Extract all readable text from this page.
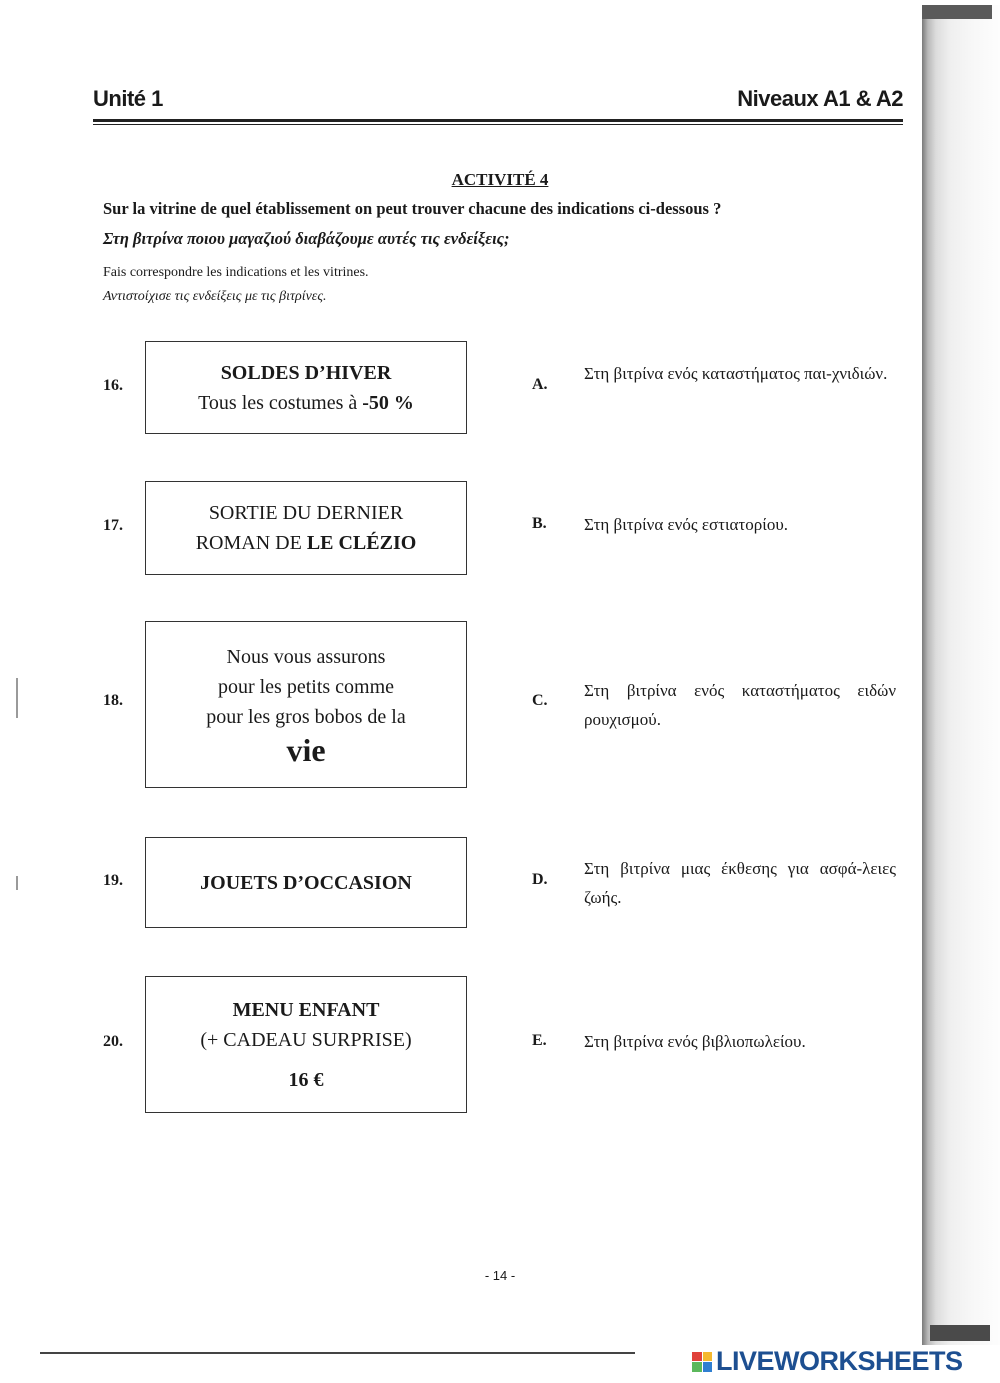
Unité 1	Niveaux A1 & A2
ACTIVITÉ 4
Sur la vitrine de quel établissement on peut trouver chacune des indications ci-dessous ?
Στη βιτρίνα ποιου μαγαζιού διαβάζουμε αυτές τις ενδείξεις;
Fais correspondre les indications et les vitrines.
Αντιστοίχισε τις ενδείξεις με τις βιτρίνες.
16.
SOLDES D’HIVER
Tous les costumes à -50 %
17.
SORTIE DU DERNIER
ROMAN DE LE CLÉZIO
18.
Nous vous assurons
pour les petits comme
pour les gros bobos de la
vie
19.	JOUETS D’OCCASION
20.
MENU ENFANT
(+ CADEAU SURPRISE)
16 €
A.
Στη βιτρίνα ενός καταστήματος παι-χνιδιών.
B. Στη βιτρίνα ενός εστιατορίου.
C.
Στη βιτρίνα ενός καταστήματος ειδών ρουχισμού.
D.
Στη βιτρίνα μιας έκθεσης για ασφά-λειες ζωής.
E. Στη βιτρίνα ενός βιβλιοπωλείου.
- 14 -
LIVEWORKSHEETS
